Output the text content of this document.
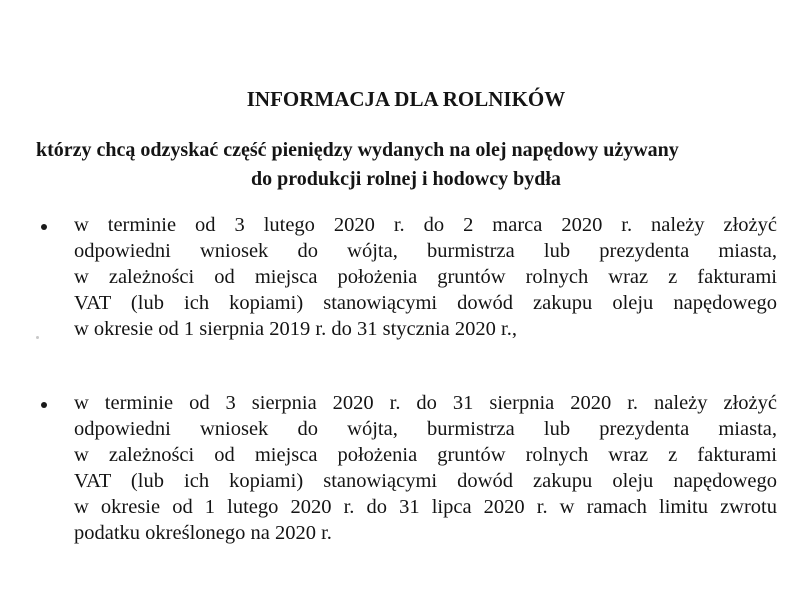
INFORMACJA DLA ROLNIKÓW
którzy chcą odzyskać część pieniędzy wydanych na olej napędowy używany
do produkcji rolnej i hodowcy bydła
w terminie od 3 lutego 2020 r. do 2 marca 2020 r. należy złożyć
odpowiedni wniosek do wójta, burmistrza lub prezydenta miasta,
w zależności od miejsca położenia gruntów rolnych wraz z fakturami
VAT (lub ich kopiami) stanowiącymi dowód zakupu oleju napędowego
w okresie od 1 sierpnia 2019 r. do 31 stycznia 2020 r.,
w terminie od 3 sierpnia 2020 r. do 31 sierpnia 2020 r. należy złożyć
odpowiedni wniosek do wójta, burmistrza lub prezydenta miasta,
w zależności od miejsca położenia gruntów rolnych wraz z fakturami
VAT (lub ich kopiami) stanowiącymi dowód zakupu oleju napędowego
w okresie od 1 lutego 2020 r. do 31 lipca 2020 r. w ramach limitu zwrotu
podatku określonego na 2020 r.
